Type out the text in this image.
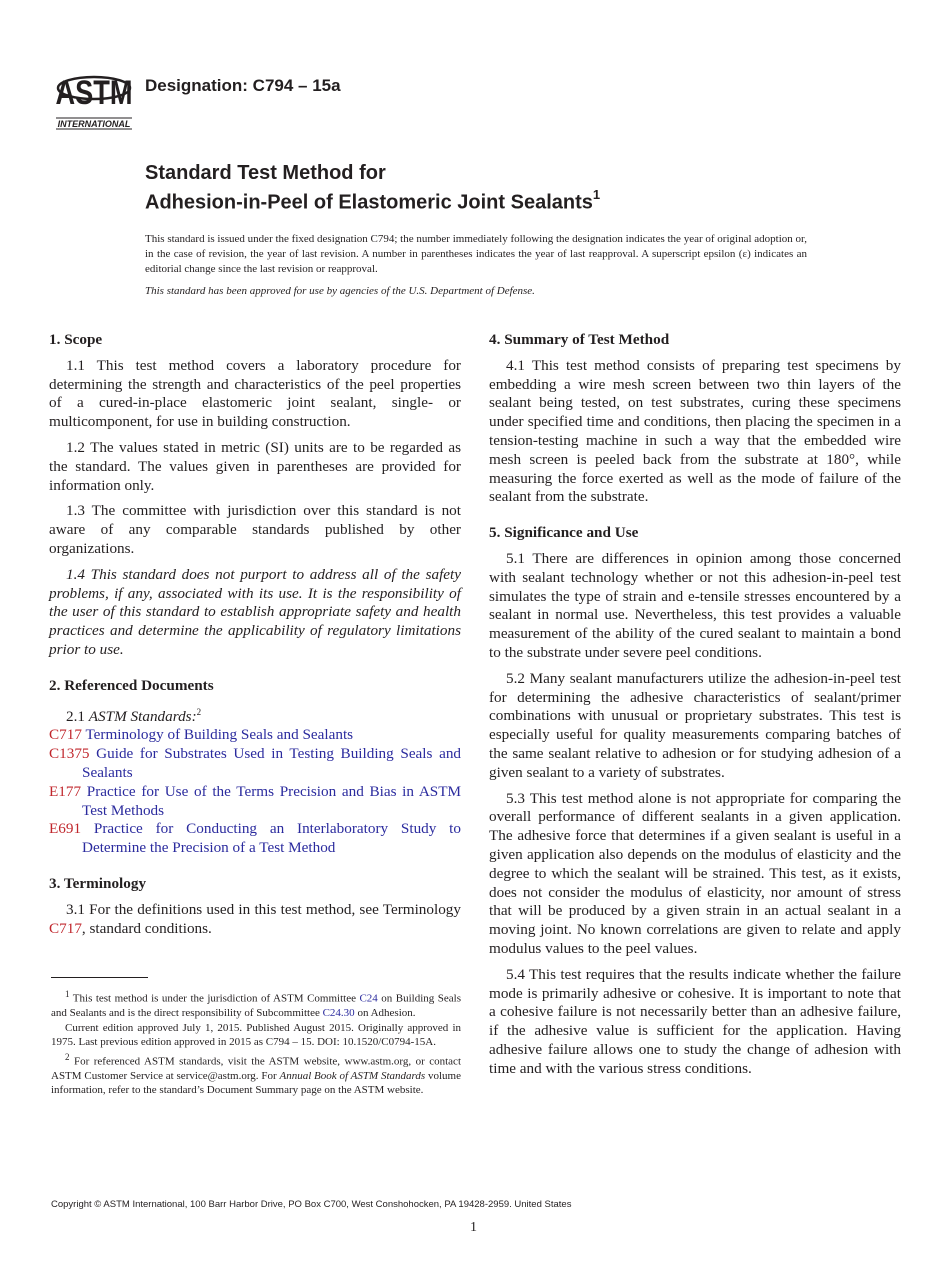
ASTM
INTERNATIONAL
Designation: C794 – 15a
Standard Test Method for
Adhesion-in-Peel of Elastomeric Joint Sealants$^1$
This standard is issued under the fixed designation C794; the number immediately following the designation indicates the year of original adoption or, in the case of revision, the year of last revision. A number in parentheses indicates the year of last reapproval. A superscript epsilon (ε) indicates an editorial change since the last revision or reapproval.
This standard has been approved for use by agencies of the U.S. Department of Defense.
1. Scope

1.1 This test method covers a laboratory procedure for determining the strength and characteristics of the peel properties of a cured-in-place elastomeric joint sealant, single- or multicomponent, for use in building construction.

1.2 The values stated in metric (SI) units are to be regarded as the standard. The values given in parentheses are provided for information only.

1.3 The committee with jurisdiction over this standard is not aware of any comparable standards published by other organizations.

1.4 This standard does not purport to address all of the safety problems, if any, associated with its use. It is the responsibility of the user of this standard to establish appropriate safety and health practices and determine the applicability of regulatory limitations prior to use.

2. Referenced Documents

2.1 ASTM Standards:$^2$

C717 Terminology of Building Seals and Sealants
C1375 Guide for Substrates Used in Testing Building Seals and Sealants
E177 Practice for Use of the Terms Precision and Bias in ASTM Test Methods
E691 Practice for Conducting an Interlaboratory Study to Determine the Precision of a Test Method
3. Terminology

3.1 For the definitions used in this test method, see Terminology C717, standard conditions.

4. Summary of Test Method

4.1 This test method consists of preparing test specimens by embedding a wire mesh screen between two thin layers of the sealant being tested, on test substrates, curing these specimens under specified time and conditions, then placing the specimen in a tension-testing machine in such a way that the embedded wire mesh screen is peeled back from the substrate at 180°, while measuring the force exerted as well as the mode of failure of the sealant from the substrate.

5. Significance and Use

5.1 There are differences in opinion among those concerned with sealant technology whether or not this adhesion-in-peel test simulates the type of strain and e-tensile stresses encountered by a sealant in normal use. Nevertheless, this test provides a valuable measurement of the ability of the cured sealant to maintain a bond to the substrate under severe peel conditions.

5.2 Many sealant manufacturers utilize the adhesion-in-peel test for determining the adhesive characteristics of sealant/primer combinations with unusual or proprietary substrates. This test is especially useful for quality measurements comparing batches of the same sealant relative to adhesion or for studying adhesion of a given sealant to a variety of substrates.

5.3 This test method alone is not appropriate for comparing the overall performance of different sealants in a given application. The adhesive force that determines if a given sealant is useful in a given application also depends on the modulus of elasticity and the degree to which the sealant will be strained. This test, as it exists, does not consider the modulus of elasticity, nor amount of stress that will be produced by a given strain in an actual sealant in a moving joint. No known correlations are given to relate and apply modulus values to the peel values.

5.4 This test requires that the results indicate whether the failure mode is primarily adhesive or cohesive. It is important to note that a cohesive failure is not necessarily better than an adhesive failure, if the adhesive value is sufficient for the application. Having adhesive failure allows one to study the change of adhesion with time and with the various stress conditions.

$^1$ This test method is under the jurisdiction of ASTM Committee C24 on Building Seals and Sealants and is the direct responsibility of Subcommittee C24.30 on Adhesion.

Current edition approved July 1, 2015. Published August 2015. Originally approved in 1975. Last previous edition approved in 2015 as C794 – 15. DOI: 10.1520/C0794-15A.

$^2$ For referenced ASTM standards, visit the ASTM website, www.astm.org, or contact ASTM Customer Service at service@astm.org. For Annual Book of ASTM Standards volume information, refer to the standard’s Document Summary page on the ASTM website.

Copyright © ASTM International, 100 Barr Harbor Drive, PO Box C700, West Conshohocken, PA 19428-2959. United States
1
